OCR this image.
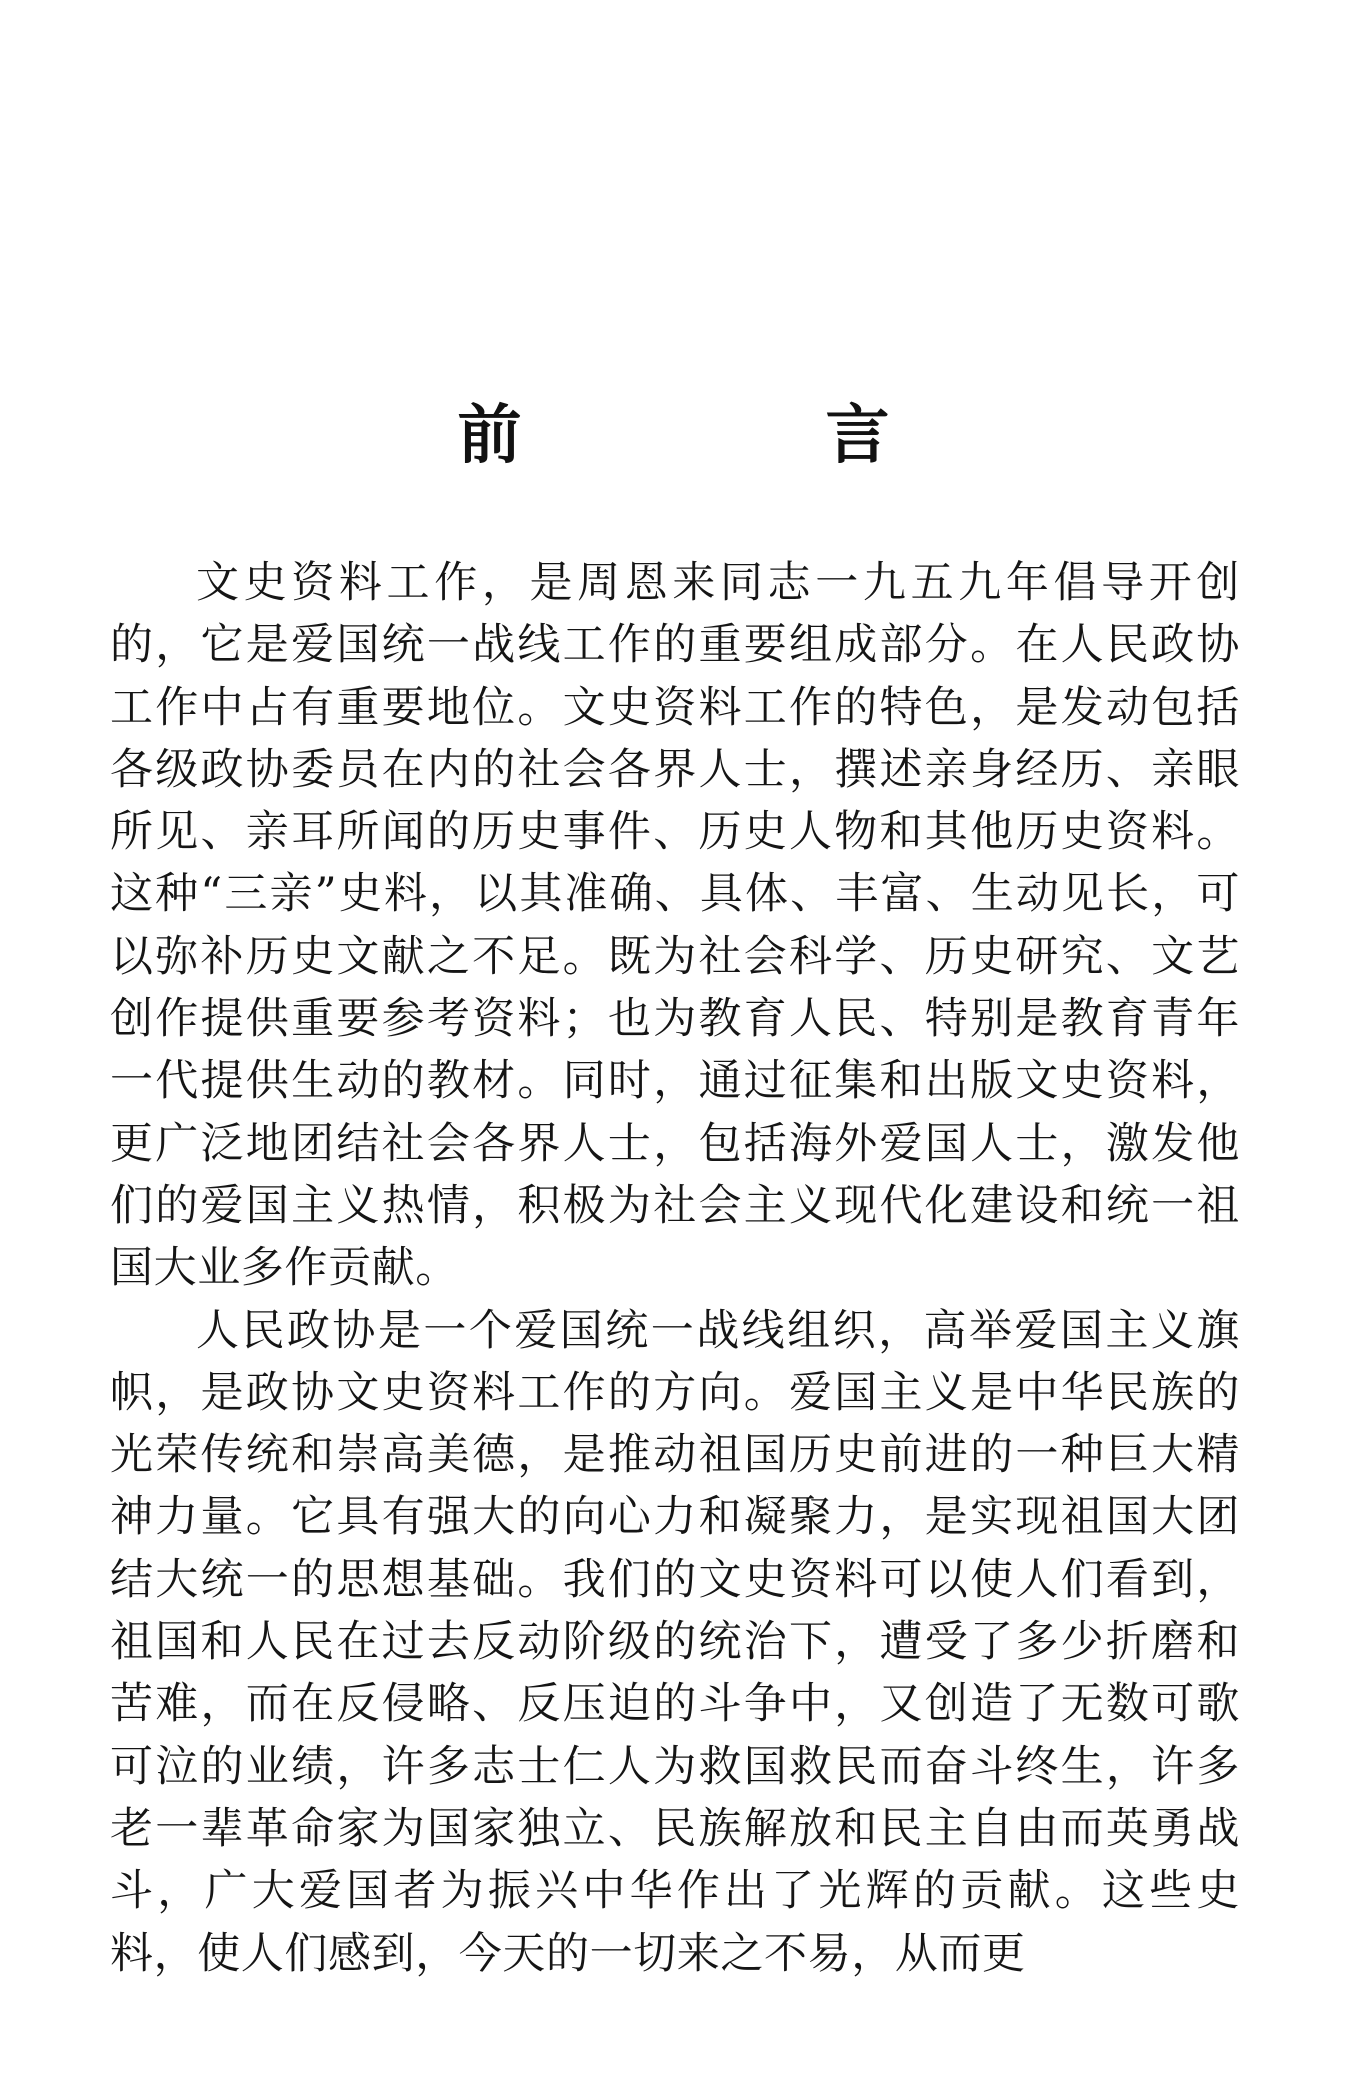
前　言

文史资料工作，是周恩来同志一九五九年倡导开创的，它是爱国统一战线工作的重要组成部分。在人民政协工作中占有重要地位。文史资料工作的特色，是发动包括各级政协委员在内的社会各界人士，撰述亲身经历、亲眼所见、亲耳所闻的历史事件、历史人物和其他历史资料。这种“三亲”史料，以其准确、具体、丰富、生动见长，可以弥补历史文献之不足。既为社会科学、历史研究、文艺创作提供重要参考资料；也为教育人民、特别是教育青年一代提供生动的教材。同时，通过征集和出版文史资料，更广泛地团结社会各界人士，包括海外爱国人士，激发他们的爱国主义热情，积极为社会主义现代化建设和统一祖国大业多作贡献。

人民政协是一个爱国统一战线组织，高举爱国主义旗帜，是政协文史资料工作的方向。爱国主义是中华民族的光荣传统和崇高美德，是推动祖国历史前进的一种巨大精神力量。它具有强大的向心力和凝聚力，是实现祖国大团结大统一的思想基础。我们的文史资料可以使人们看到，祖国和人民在过去反动阶级的统治下，遭受了多少折磨和苦难，而在反侵略、反压迫的斗争中，又创造了无数可歌可泣的业绩，许多志士仁人为救国救民而奋斗终生，许多老一辈革命家为国家独立、民族解放和民主自由而英勇战斗，广大爱国者为振兴中华作出了光辉的贡献。这些史料，使人们感到，今天的一切来之不易，从而更
